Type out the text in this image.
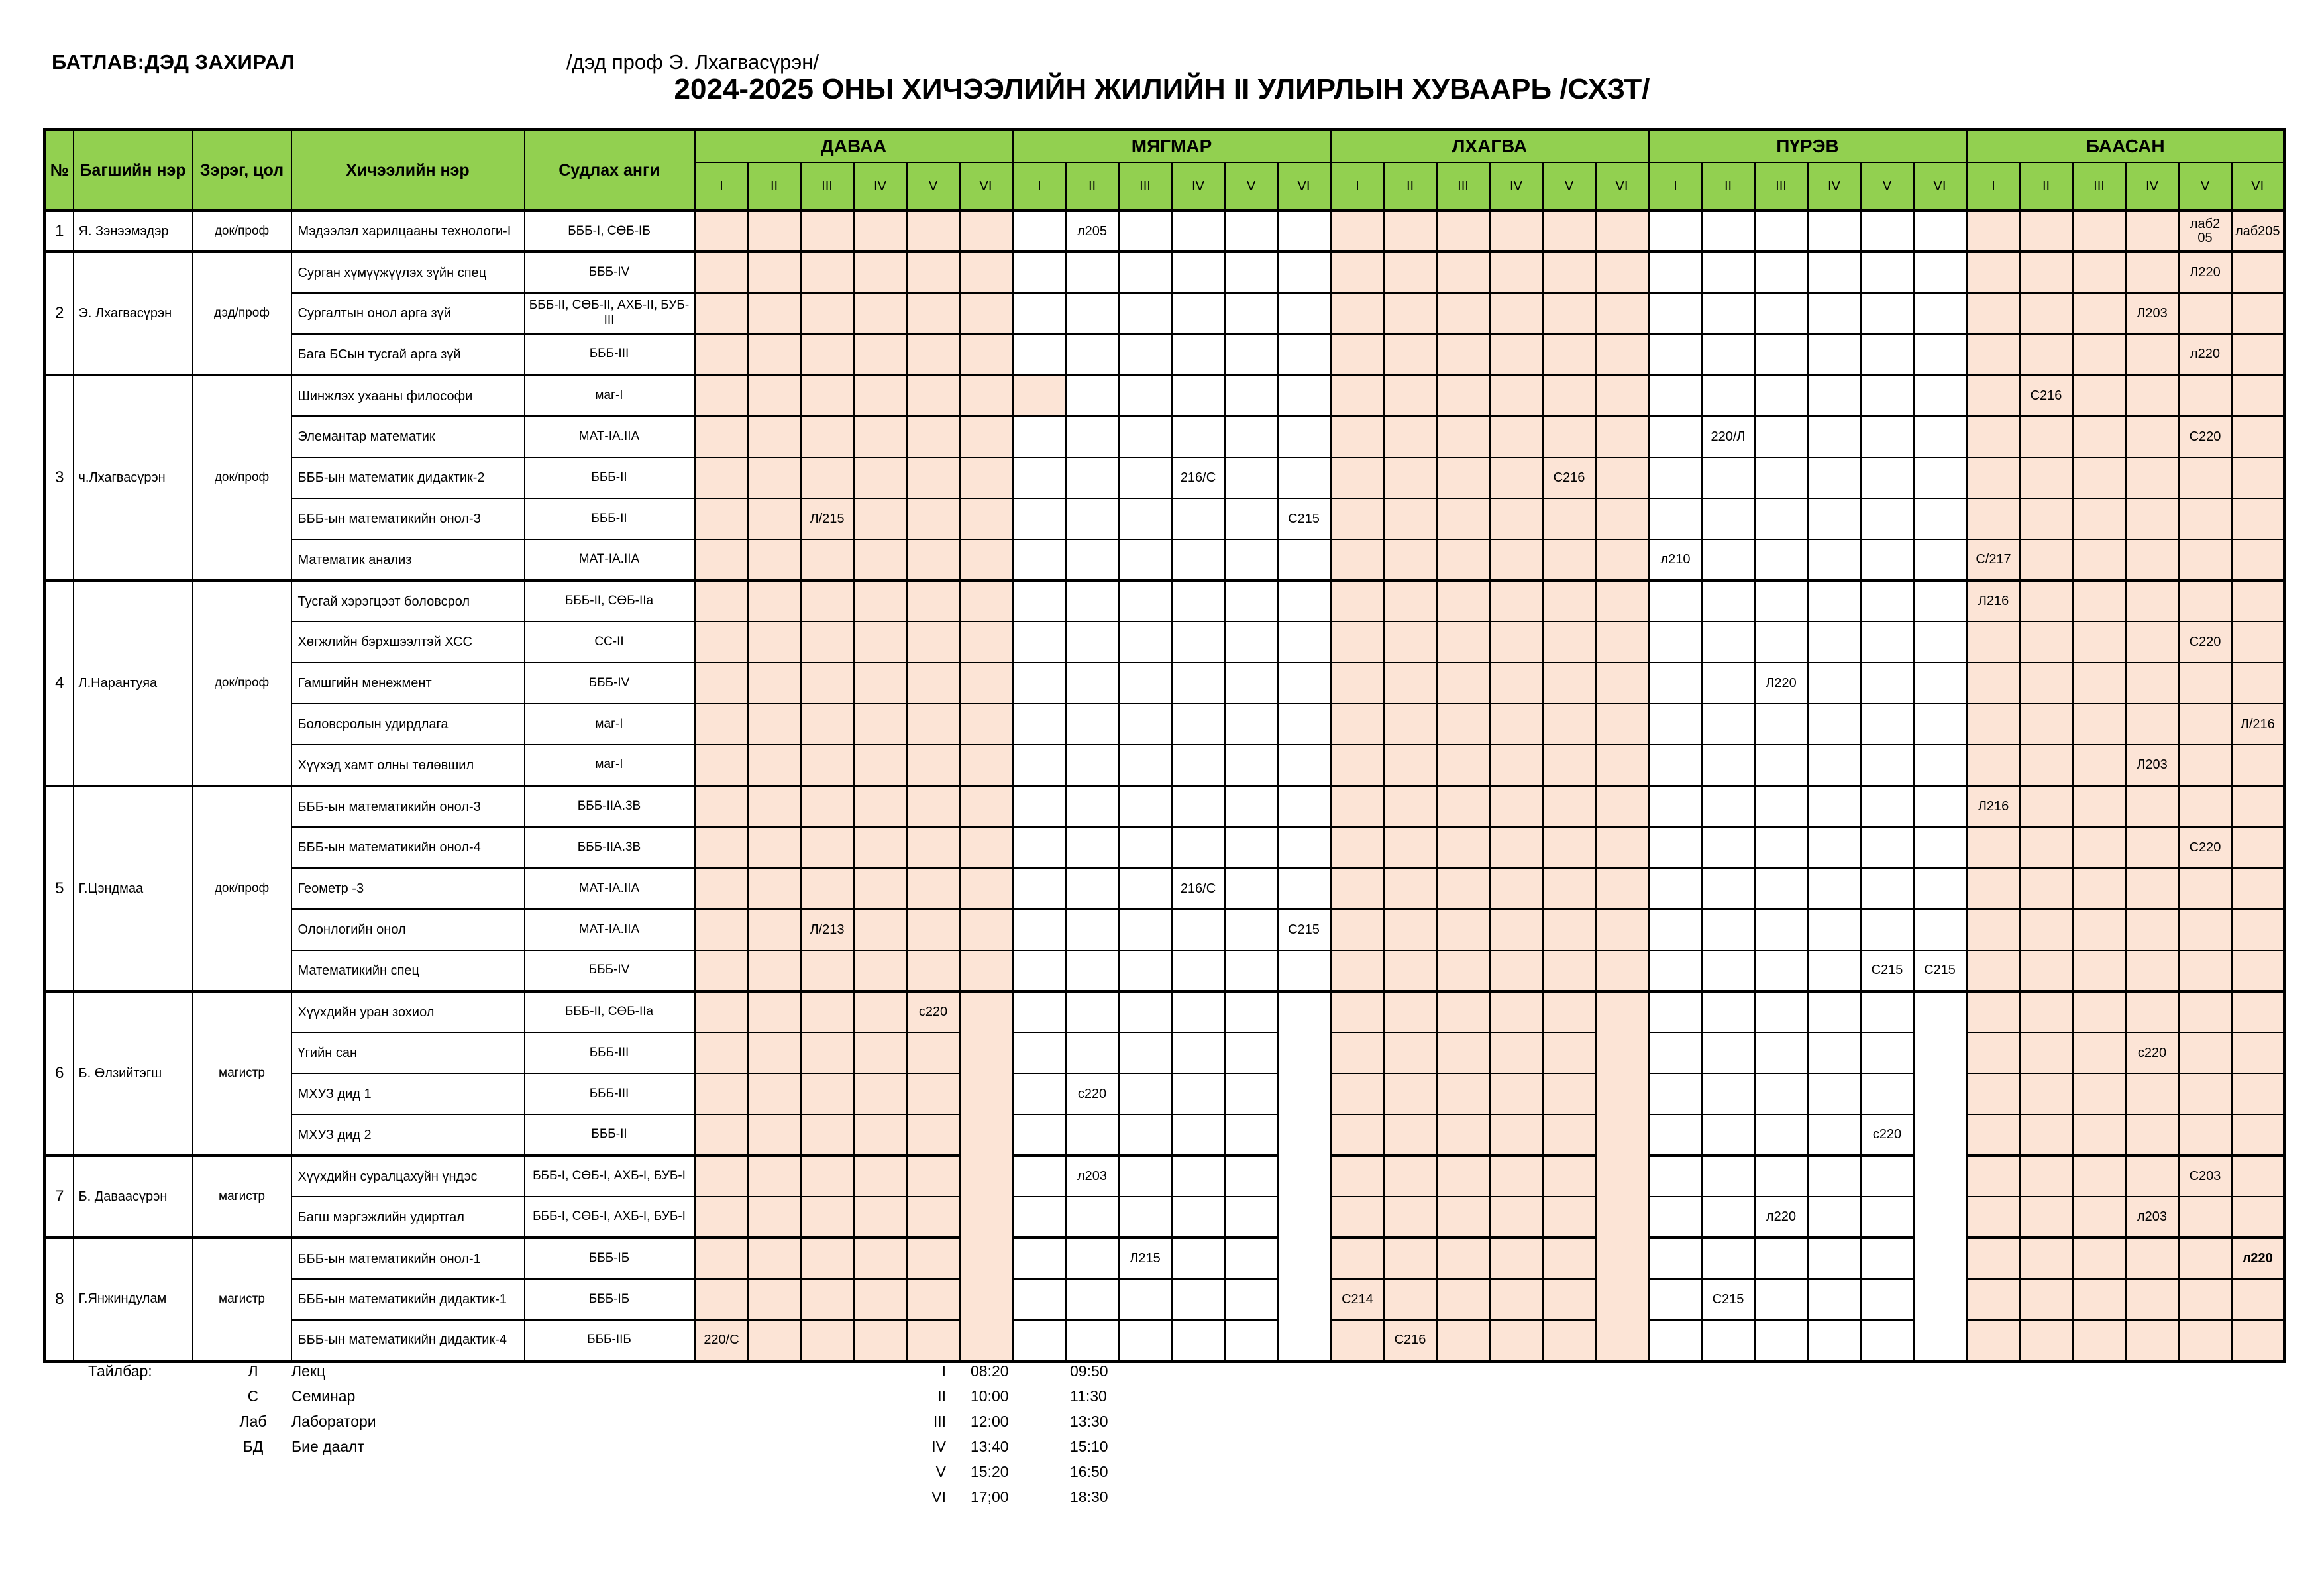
БАТЛАВ:ДЭД ЗАХИРАЛ	/дэд проф Э. Лхагвасүрэн/
2024-2025 ОНЫ ХИЧЭЭЛИЙН ЖИЛИЙН II УЛИРЛЫН ХУВААРЬ /СХЗТ/
№	Багшийн нэр	Зэрэг, цол	Хичээлийн нэр	Судлах анги	ДАВАА						МЯГМАР						ЛХАГВА						ПҮРЭВ						БААСАН					
					I	II	III	IV	V	VI	I	II	III	IV	V	VI	I	II	III	IV	V	VI	I	II	III	IV	V	VI	I	II	III	IV	V	VI
1	Я. Зэнээмэдэр	док/проф	Мэдээлэл харилцааны технологи-I	БББ-I, СӨБ-IБ								л205																					лаб205	лаб205
2	Э. Лхагвасүрэн	дэд/проф	Сурган хүмүүжүүлэх зүйн спец	БББ-IV																													Л220	
			Сургалтын онол арга зүй	БББ-II, СӨБ-II, АХБ-II, БУБ-III																												Л203		
			Бага БСын тусгай арга зүй	БББ-III																													л220	
3	ч.Лхагвасүрэн	док/проф	Шинжлэх ухааны философи	маг-I																										С216				
			Элемантар математик	МАТ-IA.IIA																				220/Л									С220	
			БББ-ын математик дидактик-2	БББ-II										216/С							С216													
			БББ-ын математикийн онол-3	БББ-II			Л/215									С215																		
			Математик анализ	МАТ-IA.IIA																			л210						С/217					
4	Л.Нарантуяа	док/проф	Тусгай хэрэгцээт боловсрол	БББ-II, СӨБ-IIa																									Л216					
			Хөгжлийн бэрхшээлтэй ХСС	СС-II																													С220	
			Гамшгийн менежмент	БББ-IV																					Л220									
			Боловсролын удирдлага	маг-I																														Л/216
			Хүүхэд хамт олны төлөвшил	маг-I																												Л203		
5	Г.Цэндмаа	док/проф	БББ-ын математикийн онол-3	БББ-IIA.3B																									Л216					
			БББ-ын математикийн онол-4	БББ-IIA.3B																													С220	
			Геометр -3	МАТ-IA.IIA										216/С																				
			Олонлогийн онол	МАТ-IA.IIA			Л/213									С215																		
			Математикийн спец	БББ-IV																							С215	С215						
6	Б. Өлзийтэгш	магистр	Хүүхдийн уран зохиол	БББ-II, СӨБ-IIa					с220																									
			Үгийн сан	БББ-III																												с220		
			МХУЗ дид 1	БББ-III								с220																						
			МХУЗ дид 2	БББ-II																							с220							
7	Б. Даваасүрэн	магистр	Хүүхдийн суралцахуйн үндэс	БББ-I, СӨБ-I, АХБ-I, БУБ-I								л203																					С203	
			Багш мэргэжлийн удиртгал	БББ-I, СӨБ-I, АХБ-I, БУБ-I																					л220							л203		
8	Г.Янжиндулам	магистр	БББ-ын математикийн онол-1	БББ-IБ									Л215																					л220
			БББ-ын математикийн дидактик-1	БББ-IБ													С214							С215										
			БББ-ын математикийн дидактик-4	БББ-IIБ	220/С													С216																
Тайлбар:	Л	Лекц	I 08:20	09:50
С	Семинар	II 10:00	11:30
Лаб	Лаборатори	III 12:00	13:30
БД	Бие даалт	IV 13:40	15:10
V 15:20	16:50
VI 17;00	18:30
